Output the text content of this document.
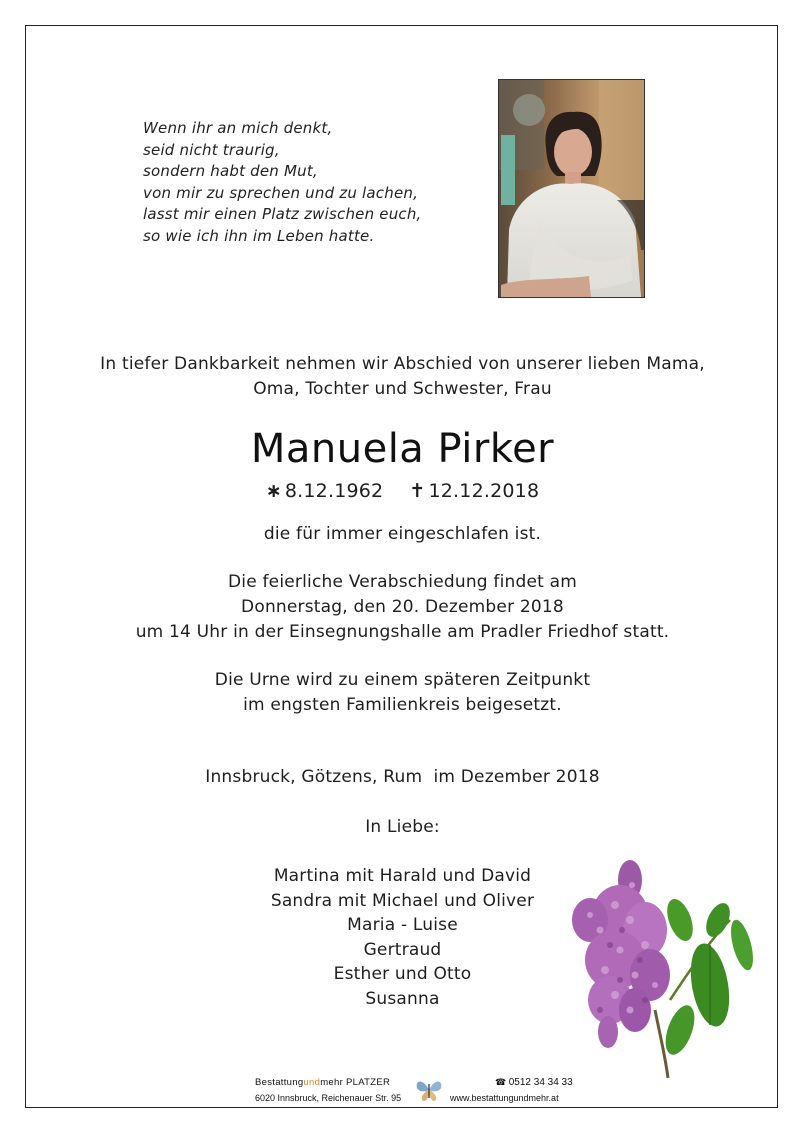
Wenn ihr an mich denkt,
seid nicht traurig,
sondern habt den Mut,
von mir zu sprechen und zu lachen,
lasst mir einen Platz zwischen euch,
so wie ich ihn im Leben hatte.
In tiefer Dankbarkeit nehmen wir Abschied von unserer lieben Mama,
Oma, Tochter und Schwester, Frau
Manuela Pirker
∗ 8.12.1962 ✝ 12.12.2018
die für immer eingeschlafen ist.
Die feierliche Verabschiedung findet am
Donnerstag, den 20. Dezember 2018
um 14 Uhr in der Einsegnungshalle am Pradler Friedhof statt.
Die Urne wird zu einem späteren Zeitpunkt
im engsten Familienkreis beigesetzt.
Innsbruck, Götzens, Rum  im Dezember 2018
In Liebe:
Martina mit Harald und David
Sandra mit Michael und Oliver
Maria - Luise
Gertraud
Esther und Otto
Susanna
Bestattungundmehr PLATZER
6020 Innsbruck, Reichenauer Str. 95
☎ 0512 34 34 33
www.bestattungundmehr.at
